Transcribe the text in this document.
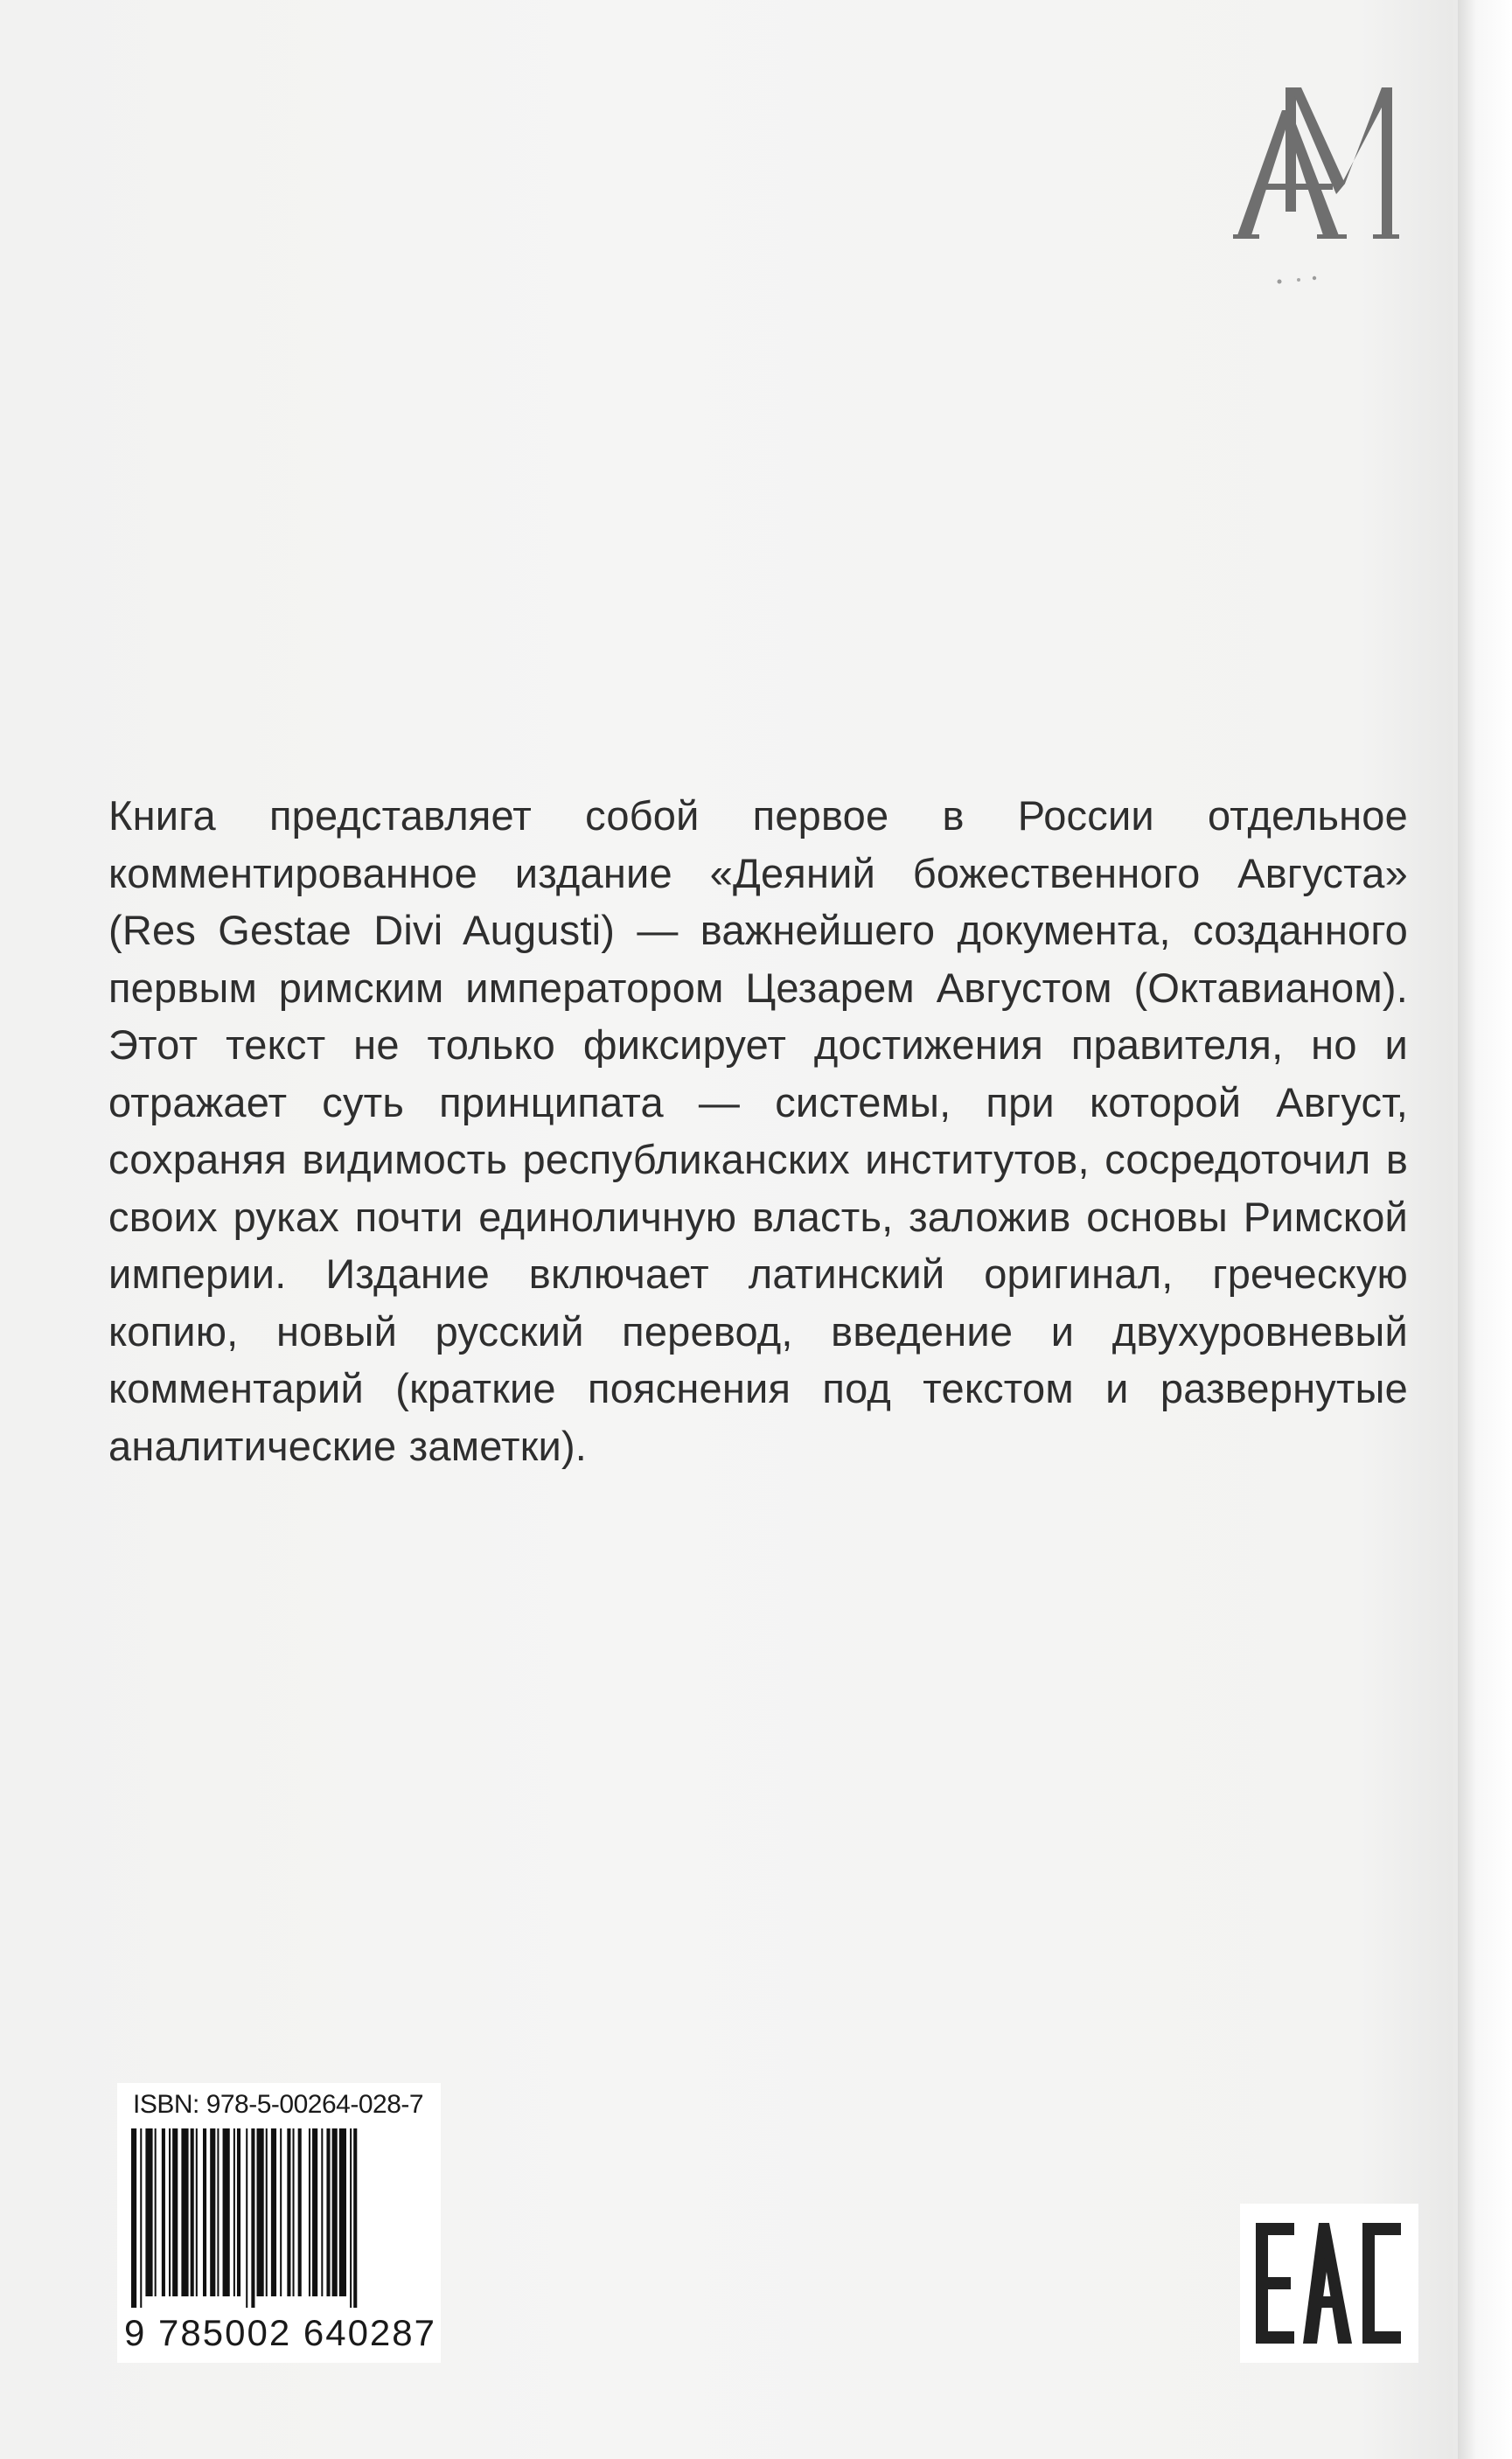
Книга представляет собой первое в России отдельное комментированное издание «Деяний божественного Августа» (Res Gestae Divi Augusti) — важнейшего документа, созданного первым римским императором Цезарем Августом (Октавианом). Этот текст не только фиксирует достижения правителя, но и отражает суть принципата — системы, при которой Август, сохраняя видимость республиканских институтов, сосредоточил в своих руках почти единоличную власть, заложив основы Римской империи. Издание включает латинский оригинал, греческую копию, новый русский перевод, введение и двухуровневый комментарий (краткие пояснения под текстом и развернутые аналитические заметки).

ISBN: 978-5-00264-028-7
9 785002 640287
